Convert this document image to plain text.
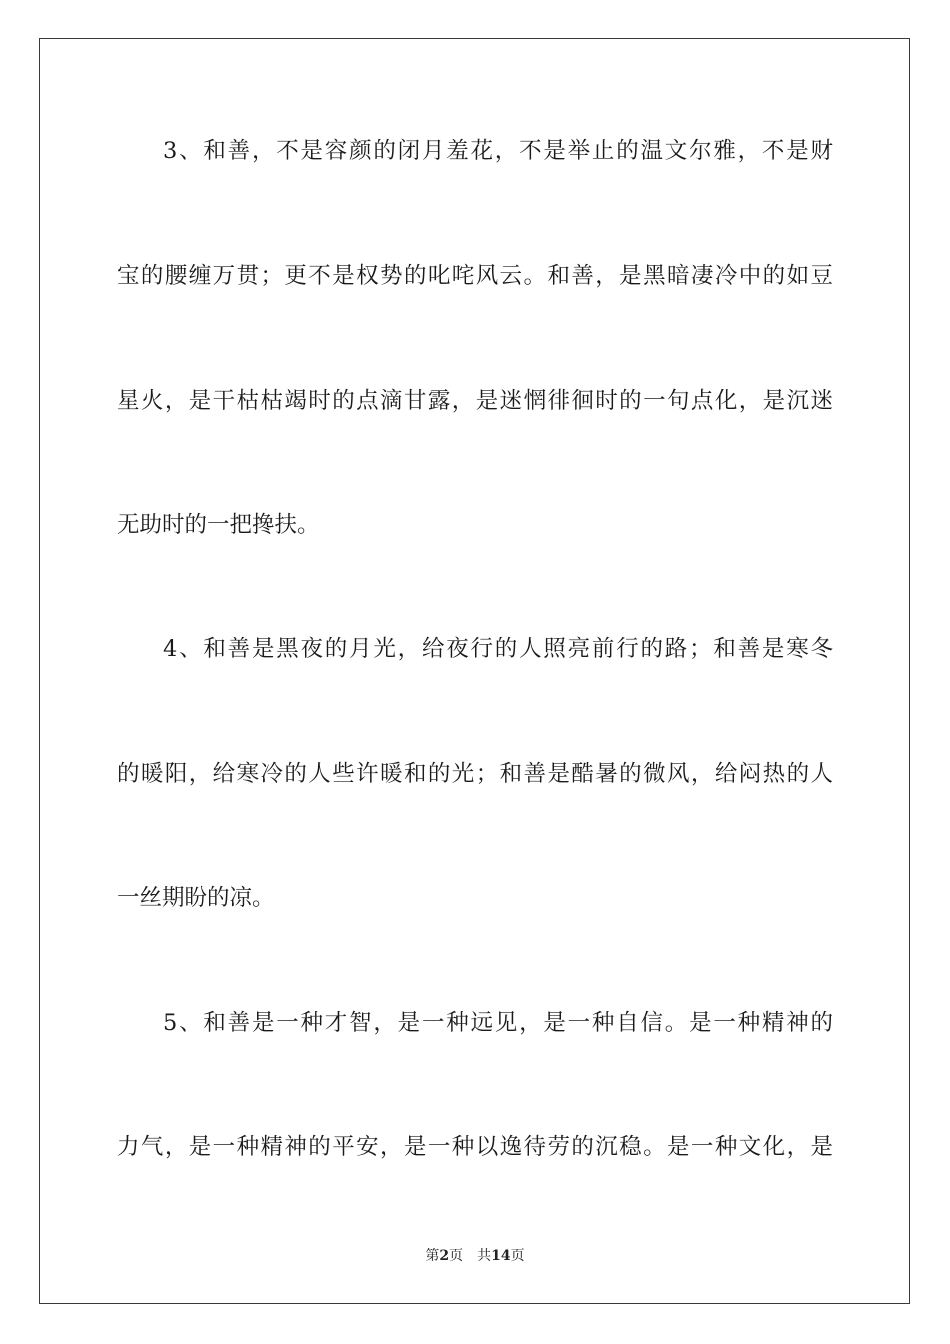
3、和善，不是容颜的闭月羞花，不是举止的温文尔雅，不是财
宝的腰缠万贯；更不是权势的叱咤风云。和善，是黑暗凄冷中的如豆
星火，是干枯枯竭时的点滴甘露，是迷惘徘徊时的一句点化，是沉迷
无助时的一把搀扶。
4、和善是黑夜的月光，给夜行的人照亮前行的路；和善是寒冬
的暖阳，给寒冷的人些许暖和的光；和善是酷暑的微风，给闷热的人
一丝期盼的凉。
5、和善是一种才智，是一种远见，是一种自信。是一种精神的
力气，是一种精神的平安，是一种以逸待劳的沉稳。是一种文化，是
第2页 共14页
